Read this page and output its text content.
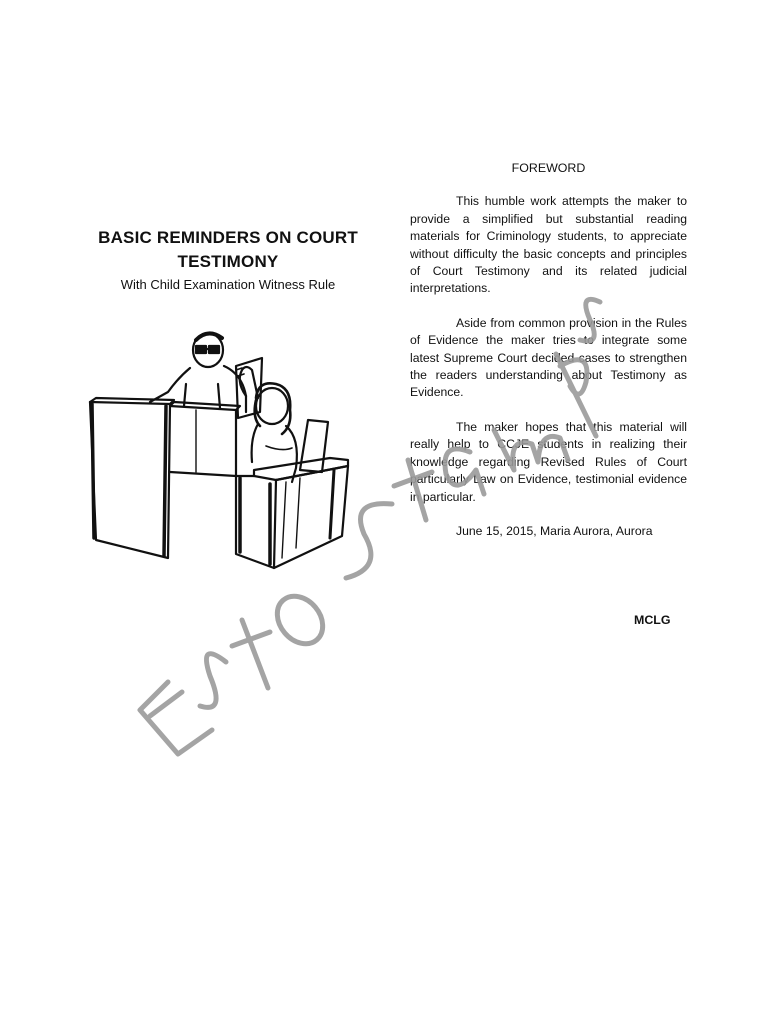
BASIC REMINDERS ON COURT
TESTIMONY

With Child Examination Witness Rule

FOREWORD

This humble work attempts the maker to provide a simplified but substantial reading materials for Criminology students, to appreciate without difficulty the basic concepts and principles of Court Testimony and its related judicial interpretations.

Aside from common provision in the Rules of Evidence the maker tries to integrate some latest Supreme Court decided cases to strengthen the readers understanding about Testimony as Evidence.

The maker hopes that this material will really help to CCJE students in realizing their knowledge regarding Revised Rules of Court particularly Law on Evidence, testimonial evidence in particular.

June 15, 2015, Maria Aurora, Aurora

MCLG
